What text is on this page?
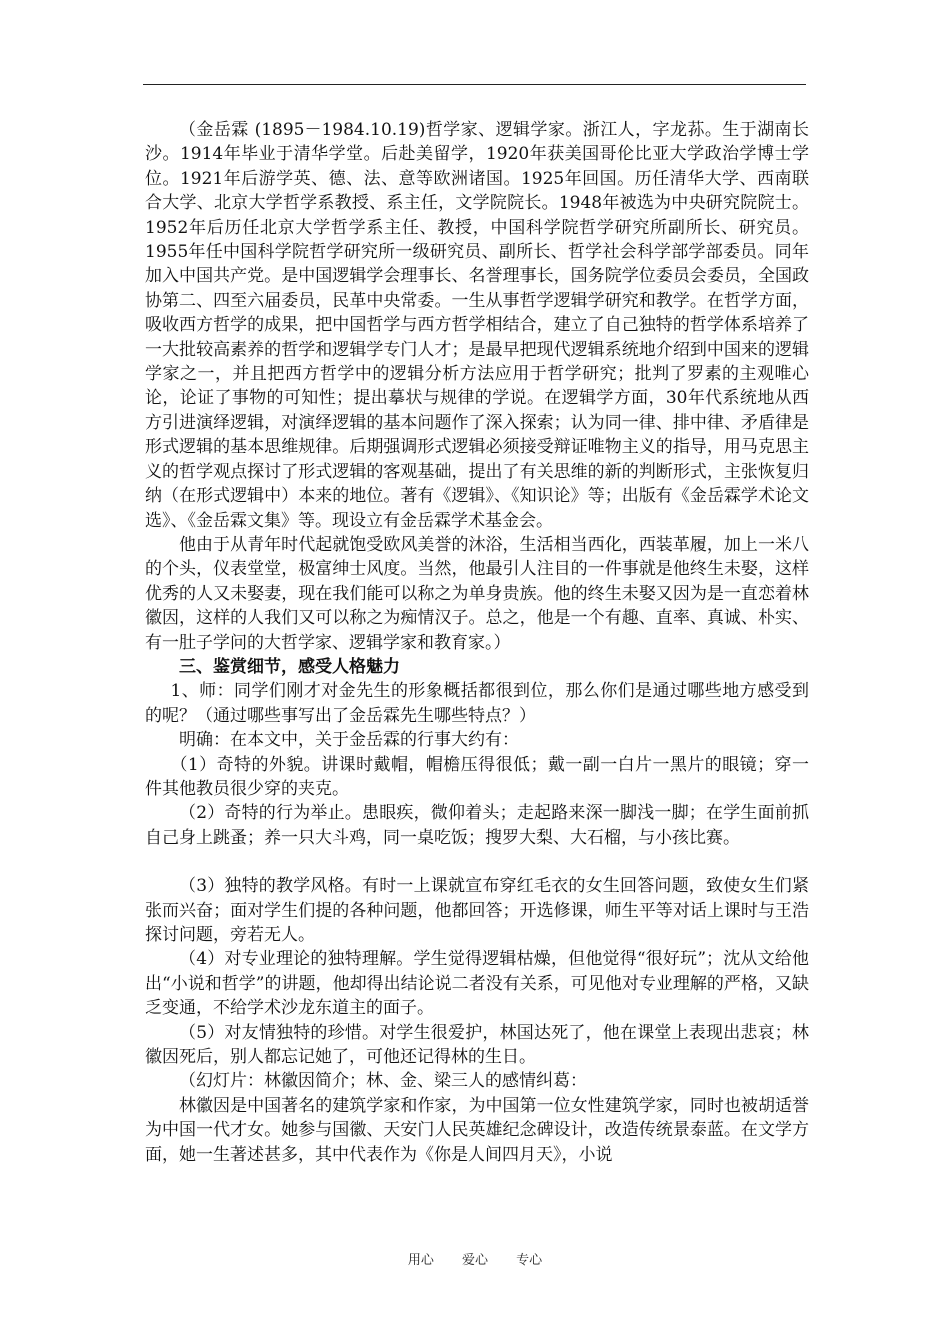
（金岳霖 (1895－1984.10.19)哲学家、逻辑学家。浙江人，字龙荪。生于湖南长沙。1914年毕业于清华学堂。后赴美留学，1920年获美国哥伦比亚大学政治学博士学位。1921年后游学英、德、法、意等欧洲诸国。1925年回国。历任清华大学、西南联合大学、北京大学哲学系教授、系主任，文学院院长。1948年被选为中央研究院院士。1952年后历任北京大学哲学系主任、教授，中国科学院哲学研究所副所长、研究员。1955年任中国科学院哲学研究所一级研究员、副所长、哲学社会科学部学部委员。同年加入中国共产党。是中国逻辑学会理事长、名誉理事长，国务院学位委员会委员，全国政协第二、四至六届委员，民革中央常委。一生从事哲学逻辑学研究和教学。在哲学方面，吸收西方哲学的成果，把中国哲学与西方哲学相结合，建立了自己独特的哲学体系培养了一大批较高素养的哲学和逻辑学专门人才；是最早把现代逻辑系统地介绍到中国来的逻辑学家之一，并且把西方哲学中的逻辑分析方法应用于哲学研究；批判了罗素的主观唯心论，论证了事物的可知性；提出摹状与规律的学说。在逻辑学方面，30年代系统地从西方引进演绎逻辑，对演绎逻辑的基本问题作了深入探索；认为同一律、排中律、矛盾律是形式逻辑的基本思维规律。后期强调形式逻辑必须接受辩证唯物主义的指导，用马克思主义的哲学观点探讨了形式逻辑的客观基础，提出了有关思维的新的判断形式，主张恢复归纳（在形式逻辑中）本来的地位。著有《逻辑》、《知识论》等；出版有《金岳霖学术论文选》、《金岳霖文集》等。现设立有金岳霖学术基金会。

他由于从青年时代起就饱受欧风美誉的沐浴，生活相当西化，西装革履，加上一米八的个头，仪表堂堂，极富绅士风度。当然，他最引人注目的一件事就是他终生未娶，这样优秀的人又未娶妻，现在我们能可以称之为单身贵族。他的终生未娶又因为是一直恋着林徽因，这样的人我们又可以称之为痴情汉子。总之，他是一个有趣、直率、真诚、朴实、有一肚子学问的大哲学家、逻辑学家和教育家。）

三、鉴赏细节，感受人格魅力

1、师：同学们刚才对金先生的形象概括都很到位，那么你们是通过哪些地方感受到的呢？（通过哪些事写出了金岳霖先生哪些特点？）

明确：在本文中，关于金岳霖的行事大约有：

（1）奇特的外貌。讲课时戴帽，帽檐压得很低；戴一副一白片一黑片的眼镜；穿一件其他教员很少穿的夹克。

（2）奇特的行为举止。患眼疾，微仰着头；走起路来深一脚浅一脚；在学生面前抓自己身上跳蚤；养一只大斗鸡，同一桌吃饭；搜罗大梨、大石榴，与小孩比赛。

（3）独特的教学风格。有时一上课就宣布穿红毛衣的女生回答问题，致使女生们紧张而兴奋；面对学生们提的各种问题，他都回答；开选修课，师生平等对话上课时与王浩探讨问题，旁若无人。

（4）对专业理论的独特理解。学生觉得逻辑枯燥，但他觉得“很好玩”；沈从文给他出“小说和哲学”的讲题，他却得出结论说二者没有关系，可见他对专业理解的严格，又缺乏变通，不给学术沙龙东道主的面子。

（5）对友情独特的珍惜。对学生很爱护，林国达死了，他在课堂上表现出悲哀；林徽因死后，别人都忘记她了，可他还记得林的生日。

（幻灯片：林徽因简介；林、金、梁三人的感情纠葛：

林徽因是中国著名的建筑学家和作家，为中国第一位女性建筑学家，同时也被胡适誉为中国一代才女。她参与国徽、天安门人民英雄纪念碑设计，改造传统景泰蓝。在文学方面，她一生著述甚多，其中代表作为《你是人间四月天》，小说

用心 爱心 专心
